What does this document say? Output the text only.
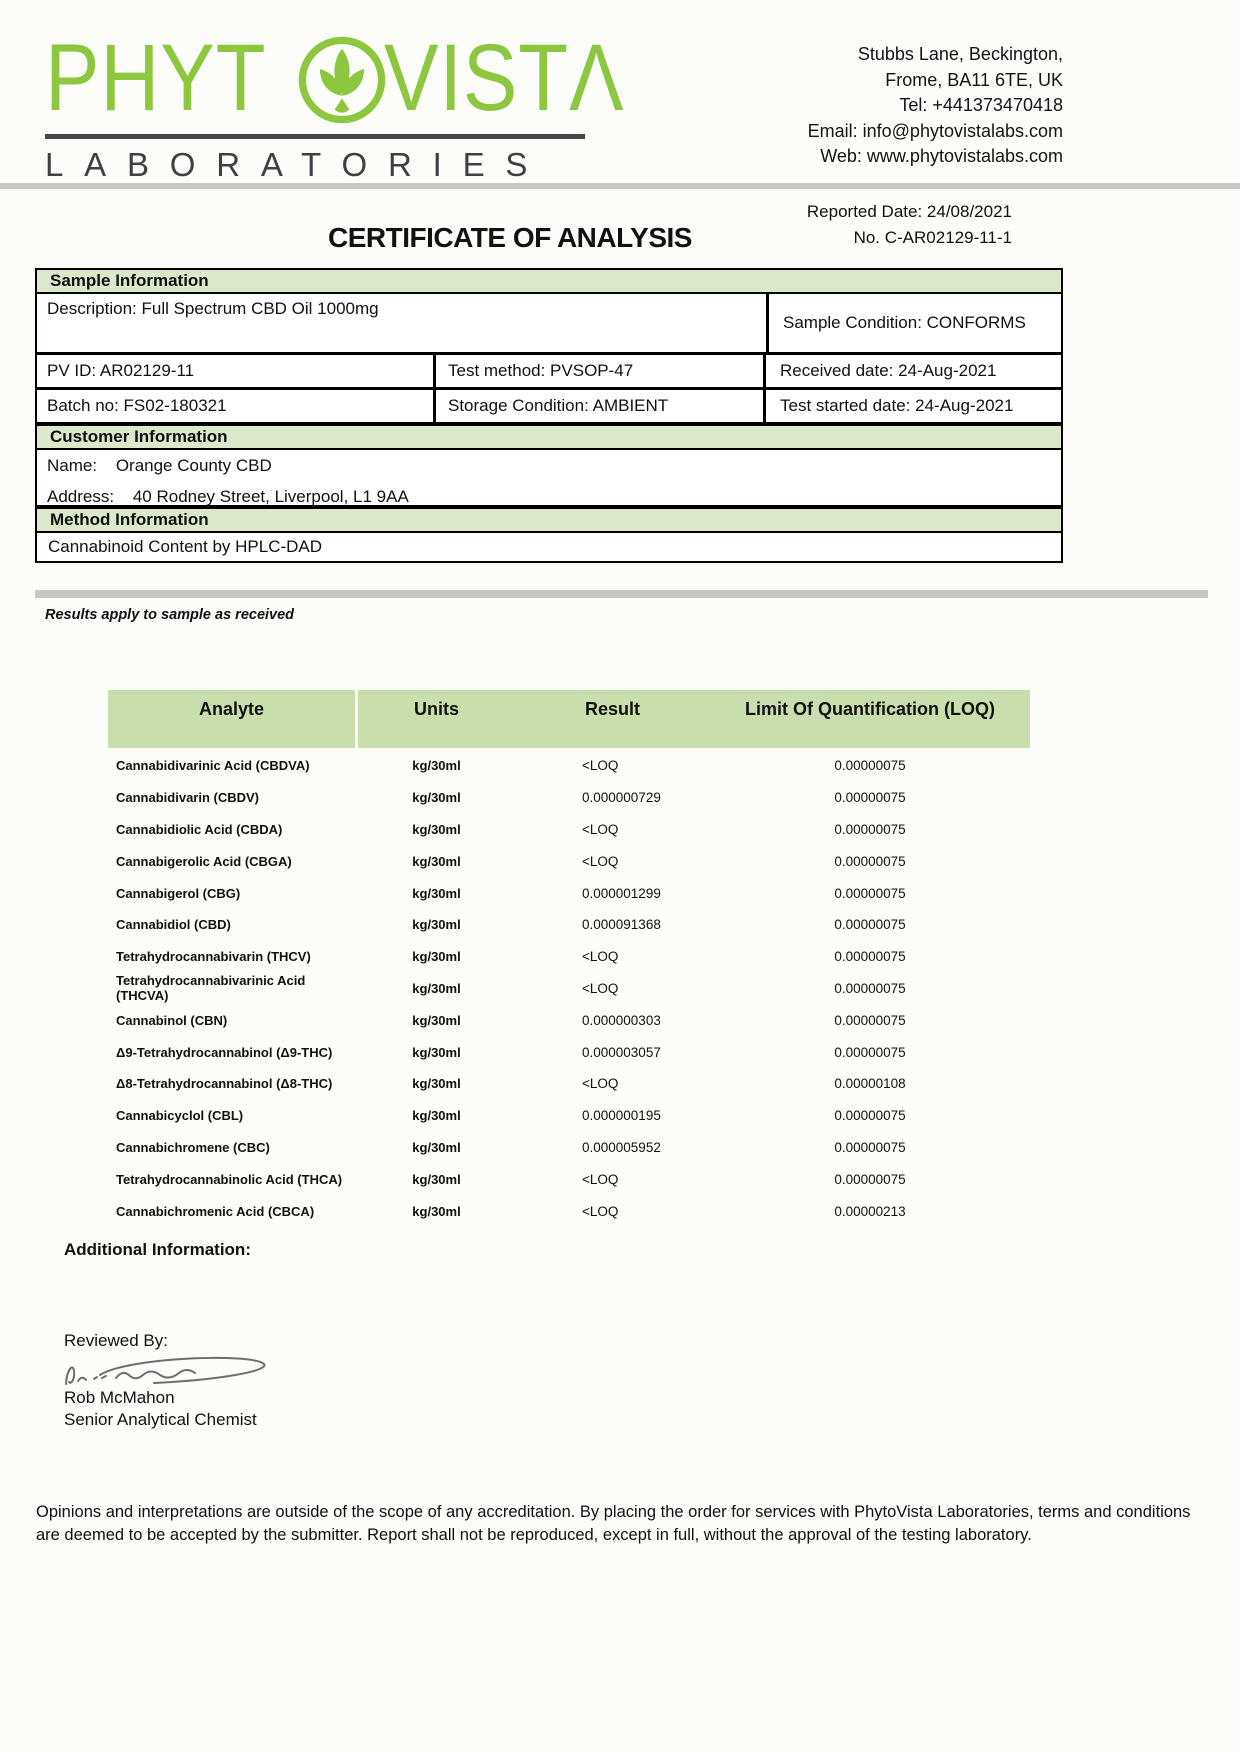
PHYT VISTΛ
LABORATORIES
Stubbs Lane, Beckington,
Frome, BA11 6TE, UK
Tel: +441373470418
Email: info@phytovistalabs.com
Web: www.phytovistalabs.com
Reported Date: 24/08/2021
CERTIFICATE OF ANALYSIS	No. C-AR02129-11-1
Sample Information
Description: Full Spectrum CBD Oil 1000mg
Sample Condition: CONFORMS
PV ID: AR02129-11	Test method: PVSOP-47	Received date: 24-Aug-2021
Batch no: FS02-180321	Storage Condition: AMBIENT	Test started date: 24-Aug-2021
Customer Information
Name: Orange County CBD
Address: 40 Rodney Street, Liverpool, L1 9AA
Method Information
Cannabinoid Content by HPLC-DAD
Results apply to sample as received
Analyte	Units	Result	Limit Of Quantification (LOQ)
Cannabidivarinic Acid (CBDVA)	kg/30ml	<LOQ	0.00000075
Cannabidivarin (CBDV)	kg/30ml	0.000000729	0.00000075
Cannabidiolic Acid (CBDA)	kg/30ml	<LOQ	0.00000075
Cannabigerolic Acid (CBGA)	kg/30ml	<LOQ	0.00000075
Cannabigerol (CBG)	kg/30ml	0.000001299	0.00000075
Cannabidiol (CBD)	kg/30ml	0.000091368	0.00000075
Tetrahydrocannabivarin (THCV)	kg/30ml	<LOQ	0.00000075
Tetrahydrocannabivarinic Acid (THCVA)	kg/30ml	<LOQ	0.00000075
Cannabinol (CBN)	kg/30ml	0.000000303	0.00000075
Δ9-Tetrahydrocannabinol (Δ9-THC)	kg/30ml	0.000003057	0.00000075
Δ8-Tetrahydrocannabinol (Δ8-THC)	kg/30ml	<LOQ	0.00000108
Cannabicyclol (CBL)	kg/30ml	0.000000195	0.00000075
Cannabichromene (CBC)	kg/30ml	0.000005952	0.00000075
Tetrahydrocannabinolic Acid (THCA)	kg/30ml	<LOQ	0.00000075
Cannabichromenic Acid (CBCA)	kg/30ml	<LOQ	0.00000213
Additional Information:
Reviewed By:
Rob McMahon
Senior Analytical Chemist
Opinions and interpretations are outside of the scope of any accreditation. By placing the order for services with PhytoVista Laboratories, terms and conditions are deemed to be accepted by the submitter. Report shall not be reproduced, except in full, without the approval of the testing laboratory.
